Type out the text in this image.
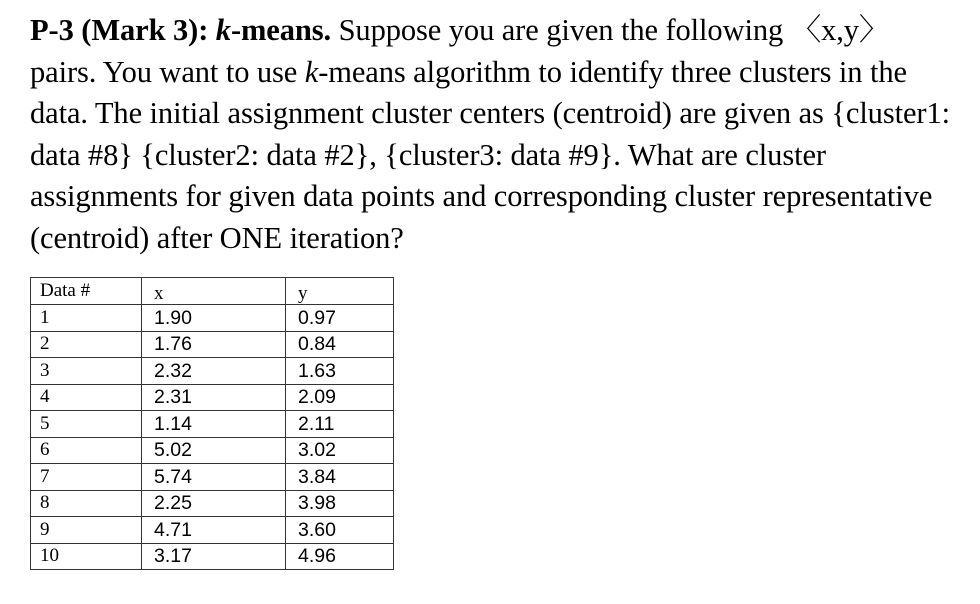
P-3 (Mark 3): k-means. Suppose you are given the following 〈x,y〉 pairs. You want to use k-means algorithm to identify three clusters in the data. The initial assignment cluster centers (centroid) are given as {cluster1: data #8} {cluster2: data #2}, {cluster3: data #9}. What are cluster assignments for given data points and corresponding cluster representative (centroid) after ONE iteration?
Data #	x	y
1	1.90	0.97
2	1.76	0.84
3	2.32	1.63
4	2.31	2.09
5	1.14	2.11
6	5.02	3.02
7	5.74	3.84
8	2.25	3.98
9	4.71	3.60
10	3.17	4.96
